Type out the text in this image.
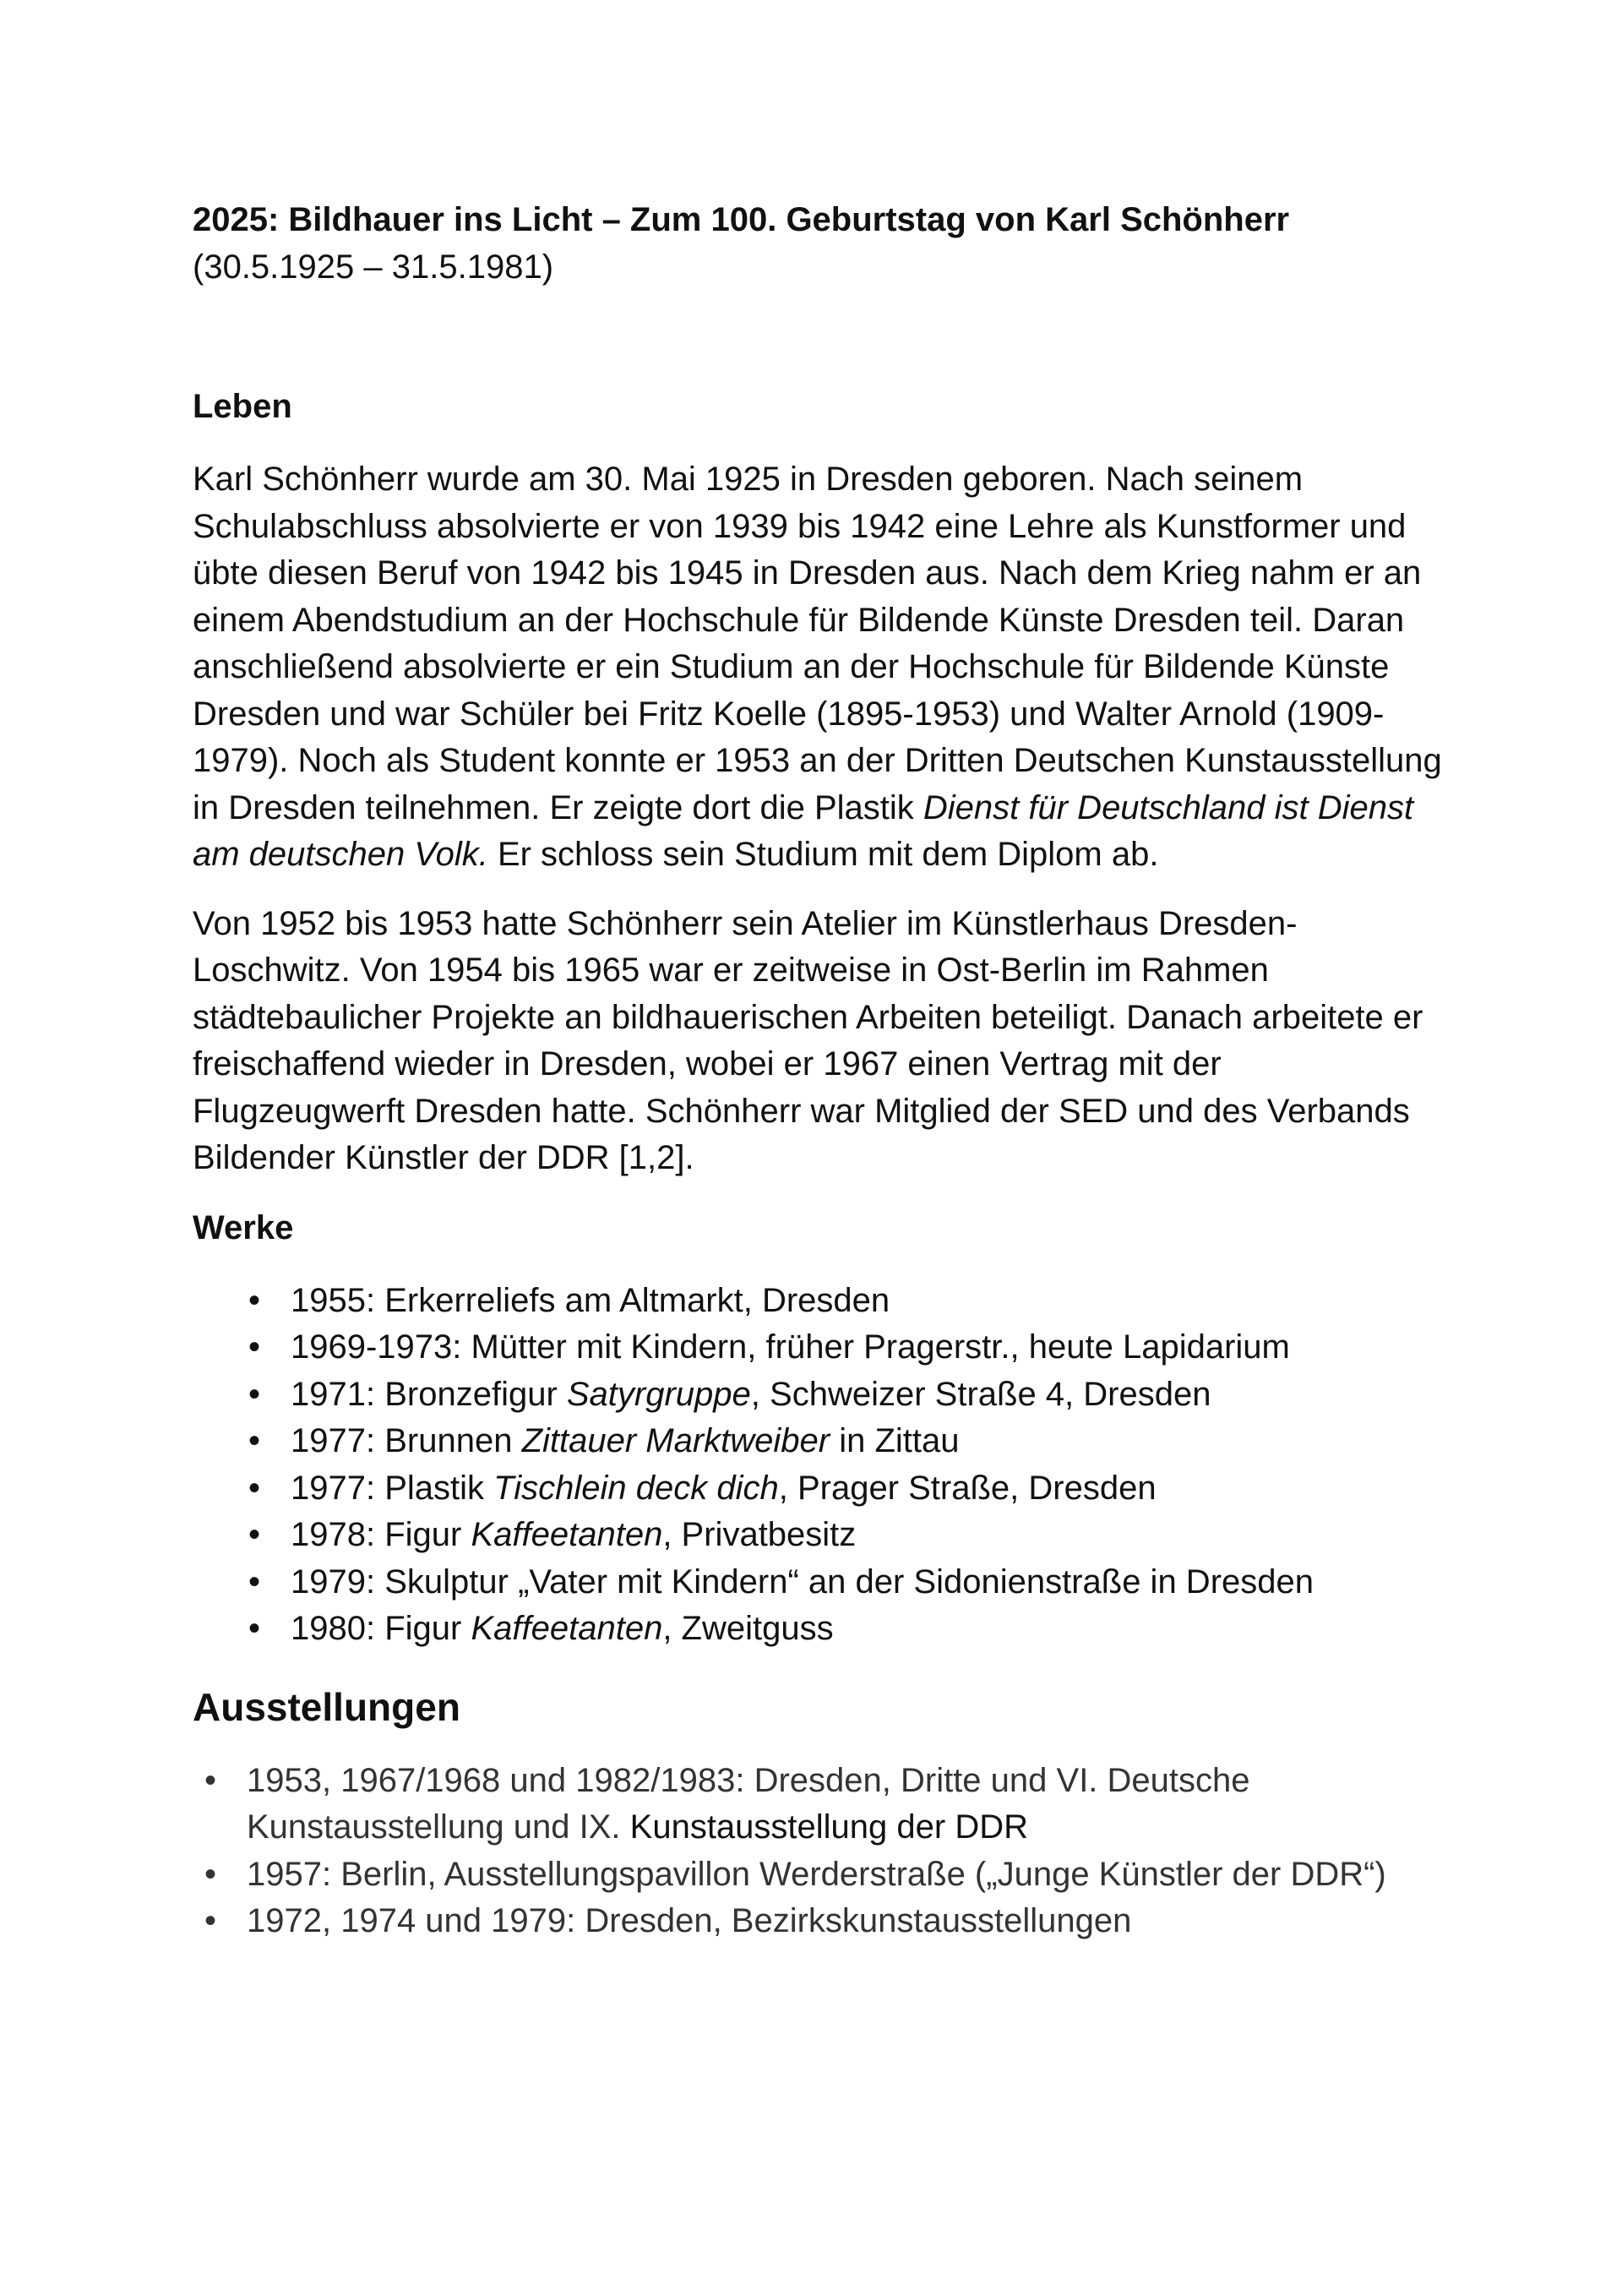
2025: Bildhauer ins Licht – Zum 100. Geburtstag von Karl Schönherr

(30.5.1925 – 31.5.1981)

Leben

Karl Schönherr wurde am 30. Mai 1925 in Dresden geboren. Nach seinem Schulabschluss absolvierte er von 1939 bis 1942 eine Lehre als Kunstformer und übte diesen Beruf von 1942 bis 1945 in Dresden aus. Nach dem Krieg nahm er an einem Abendstudium an der Hochschule für Bildende Künste Dresden teil. Daran anschließend absolvierte er ein Studium an der Hochschule für Bildende Künste Dresden und war Schüler bei Fritz Koelle (1895-1953) und Walter Arnold (1909-1979). Noch als Student konnte er 1953 an der Dritten Deutschen Kunstausstellung in Dresden teilnehmen. Er zeigte dort die Plastik Dienst für Deutschland ist Dienst am deutschen Volk. Er schloss sein Studium mit dem Diplom ab.

Von 1952 bis 1953 hatte Schönherr sein Atelier im Künstlerhaus Dresden-Loschwitz. Von 1954 bis 1965 war er zeitweise in Ost-Berlin im Rahmen städtebaulicher Projekte an bildhauerischen Arbeiten beteiligt. Danach arbeitete er freischaffend wieder in Dresden, wobei er 1967 einen Vertrag mit der Flugzeugwerft Dresden hatte. Schönherr war Mitglied der SED und des Verbands Bildender Künstler der DDR [1,2].

Werke

• 1955: Erkerreliefs am Altmarkt, Dresden
• 1969-1973: Mütter mit Kindern, früher Pragerstr., heute Lapidarium
• 1971: Bronzefigur Satyrgruppe, Schweizer Straße 4, Dresden
• 1977: Brunnen Zittauer Marktweiber in Zittau
• 1977: Plastik Tischlein deck dich, Prager Straße, Dresden
• 1978: Figur Kaffeetanten, Privatbesitz
• 1979: Skulptur „Vater mit Kindern“ an der Sidonienstraße in Dresden
• 1980: Figur Kaffeetanten, Zweitguss

Ausstellungen

• 1953, 1967/1968 und 1982/1983: Dresden, Dritte und VI. Deutsche Kunstausstellung und IX. Kunstausstellung der DDR
• 1957: Berlin, Ausstellungspavillon Werderstraße („Junge Künstler der DDR“)
• 1972, 1974 und 1979: Dresden, Bezirkskunstausstellungen
